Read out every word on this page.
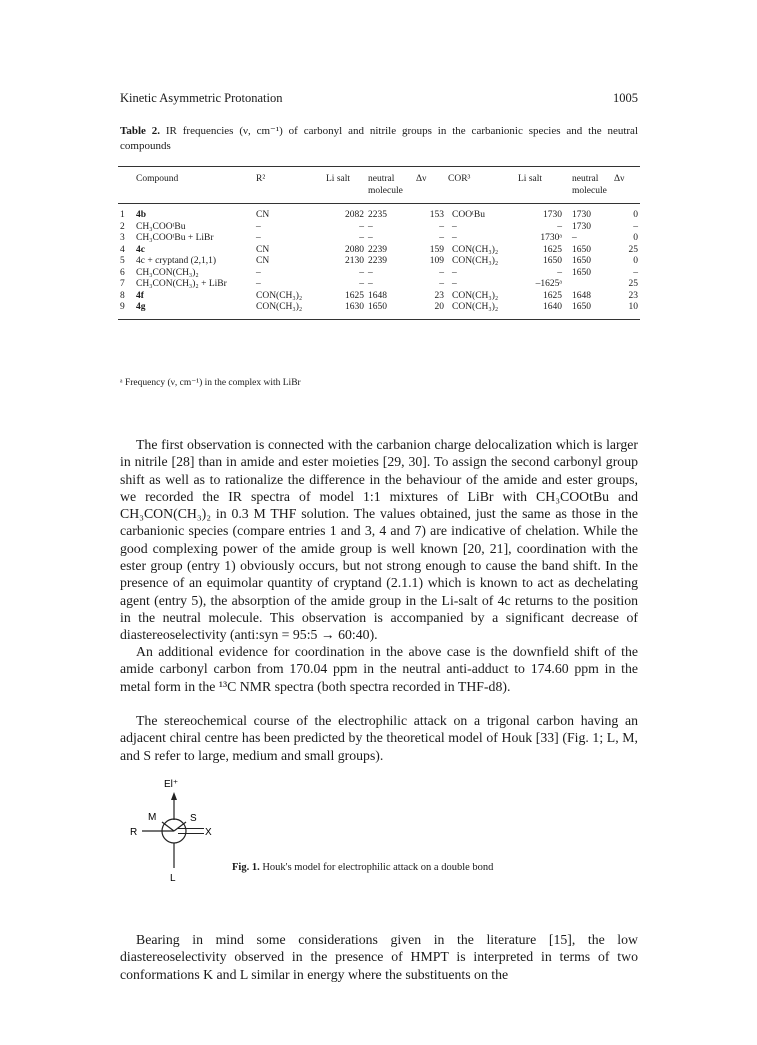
Kinetic Asymmetric Protonation	1005
Table 2. IR frequencies (ν, cm⁻¹) of carbonyl and nitrile groups in the carbanionic species and the neutral compounds
	Compound	R²	Li salt	neutral molecule	Δν	COR³	Li salt	neutral molecule	Δν
1	4b	CN	2082	2235	153	COOᵗBu	1730	1730	0
2	CH₃COOᵗBu	–	–	–	–	–	–	1730	–
3	CH₃COOᵗBu + LiBr	–	–	–	–	–	1730ᵃ	–	0
4	4c	CN	2080	2239	159	CON(CH₃)₂	1625	1650	25
5	4c + cryptand (2,1,1)	CN	2130	2239	109	CON(CH₃)₂	1650	1650	0
6	CH₃CON(CH₃)₂	–	–	–	–	–	–	1650	–
7	CH₃CON(CH₃)₂ + LiBr	–	–	–	–	–	–1625ᵃ		25
8	4f	CON(CH₃)₂	1625	1648	23	CON(CH₃)₂	1625	1648	23
9	4g	CON(CH₃)₂	1630	1650	20	CON(CH₃)₂	1640	1650	10
ᵃ Frequency (ν, cm⁻¹) in the complex with LiBr

The first observation is connected with the carbanion charge delocalization which is larger in nitrile [28] than in amide and ester moieties [29, 30]. To assign the second carbonyl group shift as well as to rationalize the difference in the behaviour of the amide and ester groups, we recorded the IR spectra of model 1:1 mixtures of LiBr with CH₃COOtBu and CH₃CON(CH₃)₂ in 0.3 M THF solution. The values obtained, just the same as those in the carbanionic species (compare entries 1 and 3, 4 and 7) are indicative of chelation. While the good complexing power of the amide group is well known [20, 21], coordination with the ester group (entry 1) obviously occurs, but not strong enough to cause the band shift. In the presence of an equimolar quantity of cryptand (2.1.1) which is known to act as dechelating agent (entry 5), the absorption of the amide group in the Li-salt of 4c returns to the position in the neutral molecule. This observation is accompanied by a significant decrease of diastereoselectivity (anti:syn = 95:5 → 60:40).

An additional evidence for coordination in the above case is the downfield shift of the amide carbonyl carbon from 170.04 ppm in the neutral anti-adduct to 174.60 ppm in the metal form in the ¹³C NMR spectra (both spectra recorded in THF-d8).

The stereochemical course of the electrophilic attack on a trigonal carbon having an adjacent chiral centre has been predicted by the theoretical model of Houk [33] (Fig. 1; L, M, and S refer to large, medium and small groups).

El⁺
M	S
R	X
L
Fig. 1. Houk's model for electrophilic attack on a double bond

Bearing in mind some considerations given in the literature [15], the low diastereoselectivity observed in the presence of HMPT is interpreted in terms of two conformations K and L similar in energy where the substituents on the
